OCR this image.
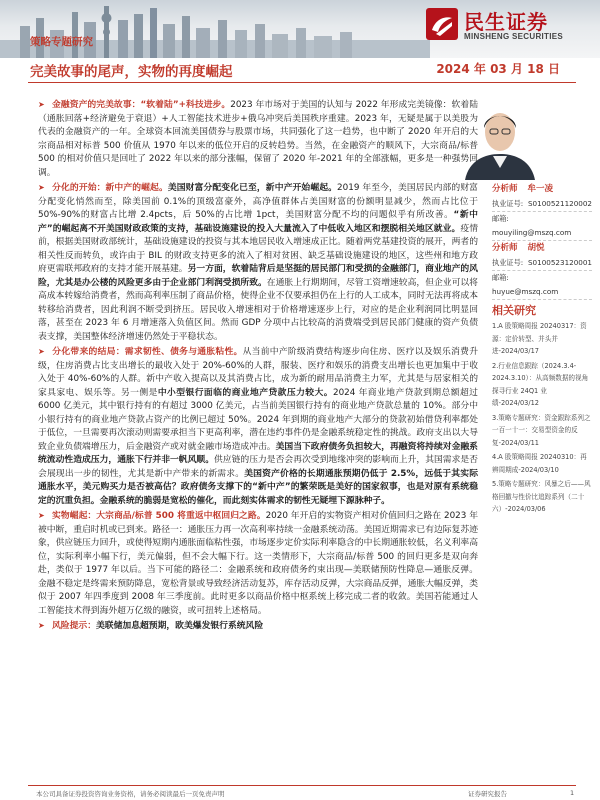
民生证券
MINSHENG SECURITIES
策略专题研究
完美故事的尾声，实物的再度崛起	2024 年 03 月 18 日

➤ 金融资产的完美故事：“软着陆”+科技进步。2023 年市场对于美国的认知与 2022 年形成完美镜像：软着陆（通胀回落+经济避免于衰退）+人工智能技术进步+俄乌冲突后美国秩序重建。2023 年，无疑是属于以美股为代表的金融资产的一年。全球资本回流美国债券与股票市场，共同强化了这一趋势，也中断了 2020 年开启的大宗商品相对标普 500 价值从 1970 年以来的低位开启的反转趋势。当然，在金融资产的顺风下，大宗商品/标普 500 的相对价值只是回吐了 2022 年以来的部分涨幅，保留了 2020 年-2021 年的全部涨幅，更多是一种强势回调。

➤ 分化的开始：新中产的崛起。美国财富分配变化已至，新中产开始崛起。2019 年至今，美国居民内部的财富分配变化悄然而至，除美国前 0.1%的顶级富豪外，高净值群体占美国财富的份额明显减少，然而占比位于 50%-90%的财富占比增 2.4pcts，后 50%的占比增 1pct，美国财富分配不均的问题似乎有所改善。“新中产”的崛起离不开美国财政政策的支持，基础设施建设的投入大量流入了中低收入地区和摆脱相关地区就业。疫情前，根据美国财政部统计，基础设施建设的投资与其本地居民收入增速成正比。随着两党基建投资的展开，两者的相关性反而转负，或许由于 BIL 的财政支持更多的流入了相对贫困、缺乏基础设施建设的地区，这些州和地方政府更需联邦政府的支持才能开展基建。另一方面，软着陆背后是坚挺的居民部门和受损的金融部门，商业地产的风险，尤其是办公楼的风险更多由于企业部门利润受损所致。在通胀上行期期间，尽管工资增速较高，但企业可以将高成本转嫁给消费者，然而高利率压制了商品价格，使得企业不仅要承担仍在上行的人工成本，同时无法再将成本转移给消费者，因此利润不断受到挤压。居民收入增速相对于价格增速逐步上行，对应的是企业利润同比明显回落，甚至在 2023 年 6 月增速落入负值区间。然而 GDP 分项中占比较高的消费端受到居民部门健康的资产负债表支撑，美国整体经济增速仍然处于平稳状态。

➤ 分化带来的结局：需求韧性、债务与通胀粘性。从当前中产阶级消费结构逐步向住房、医疗以及娱乐消费升级，住房消费占比支出增长的最收入处于 20%-60%的人群，服装、医疗和娱乐的消费支出增长也更加集中于收入处于 40%-60%的人群。新中产收入提高以及其消费占比，成为新的耐用品消费主力军，尤其是与居家相关的家具家电、娱乐等。另一侧是中小型银行面临的商业地产贷款压力较大。2024 年商业地产贷款到期总额超过 6000 亿美元，其中银行持有的有超过 3000 亿美元，占当前美国银行持有的商业地产贷款总量的 10%。部分中小银行持有的商业地产贷款占资产的比例已超过 50%。2024 年到期的商业地产大部分的贷款初始借贷利率都处于低位，一旦需要再次滚动则需要承担当下更高利率，潜在违约事件仍是金融系统稳定性的挑战。政府支出以大导致企业负债端增压力，后金融资产或对就金融市场造成冲击。美国当下政府债务负担较大，再融资将持续对金融系统流动性造成压力，通胀下行并非一帆风顺。供应链的压力是否会再次受到地缘冲突的影响而上升，其国需求是否会展现出一步的韧性，尤其是新中产带来的新需求。美国资产价格的长期通胀预期仍低于 2.5%，远低于其实际通胀水平，美元购买力是否被高估？政府债务支撑下的“新中产”的繁荣既是美好的国家叙事，也是对原有系统稳定的沉重负担。金融系统的脆弱是宽松的催化，而此刻实体需求的韧性无疑埋下源脉种子。

➤ 实物崛起：大宗商品/标普 500 将重返中枢回归之路。2020 年开启的实物资产相对价值回归之路在 2023 年被中断，重启时机或已到来。路径一：通胀压力再一次高利率持续一金融系统动荡。美国近期需求已有边际复苏迹象，供应链压力回升，或使得短期内通胀面临粘性强，市场逐步定价实际利率隐含的中长期通胀较低，名义利率高位，实际利率小幅下行，美元偏弱，但不会大幅下行。这一类情形下，大宗商品/标普 500 的回归更多是双向奔赴，类似于 1977 年以后。当下可能的路径二：金融系统和政府债务约束出现—美联储预防性降息—通胀反弹。金融不稳定是终需来预防降息，宽松背景或导致经济活动复苏，库存活动反弹，大宗商品反弹，通胀大幅反弹，类似于 2007 年四季度到 2008 年三季度前。此时更多以商品价格中枢系统上移完成二者的收敛。美国若能通过人工智能技术得到海外超万亿级的融资，或可扭转上述格局。

➤ 风险提示：美联储加息超预期，欧美爆发银行系统风险

分析师 牟一凌
执业证号: S0100521120002
邮箱:mouyiling@mszq.com
分析师 胡悦
执业证号: S0100523120001
邮箱:huyue@mszq.com
相关研究
1.A 股策略周报 20240317：资源：定价转型、并头并进-2024/03/17
2.行业信息跟踪（2024.3.4-2024.3.10）：从高频数据的视角探寻行业 24Q1 业绩-2024/03/12
3.策略专题研究：资金跟踪系列之一百一十一：交易型资金的反复-2024/03/11
4.A 股策略周报 20240310：再辨周期成-2024/03/10
5.策略专题研究：风暴之后——风格回撤与性价比追踪系列（二十六）-2024/03/06
本公司具备证券投资咨询业务资格，请务必阅读最后一页免责声明	证券研究报告	1
